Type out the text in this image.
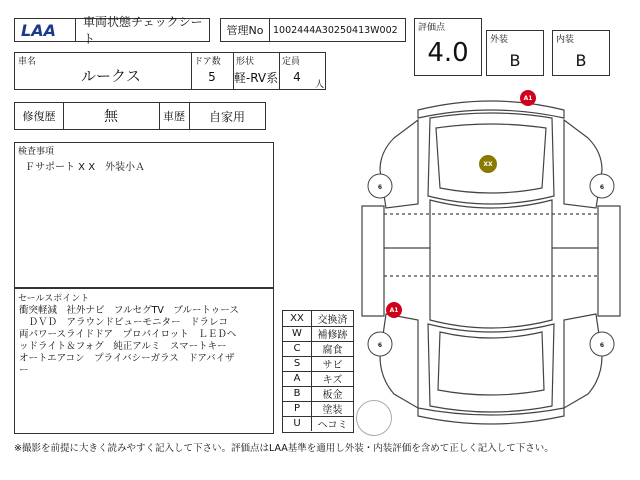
LAA 車両状態チェックシート
管理No	1002444A30250413W002 評価点
4.0	外装
B
内装
B
車名
ルークス
ドア数
5
形状
軽-RV系
定員
4
人
修復歴	無	車歴	自家用
検査事項
Ｆサポート X X　外装小Ａ
セールスポイント
衝突軽減　社外ナビ　フルセグTV　ブルートゥース
　ＤＶＤ　アラウンドビューモニター　ドラレコ
両パワースライドドア　プロパイロット　ＬＥＤヘ
ッドライト＆フォグ　純正アルミ　スマートキー
オートエアコン　プライバシーガラス　ドアバイザ
ー
XX	交換済
W	補修跡
C	腐食
S	サビ
A	キズ
B	板金
P	塗装
U	ヘコミ
6	6
6	6
A1
XX
A1
※撮影を前提に大きく読みやすく記入して下さい。評価点はLAA基準を適用し外装・内装評価を含めて正しく記入して下さい。
